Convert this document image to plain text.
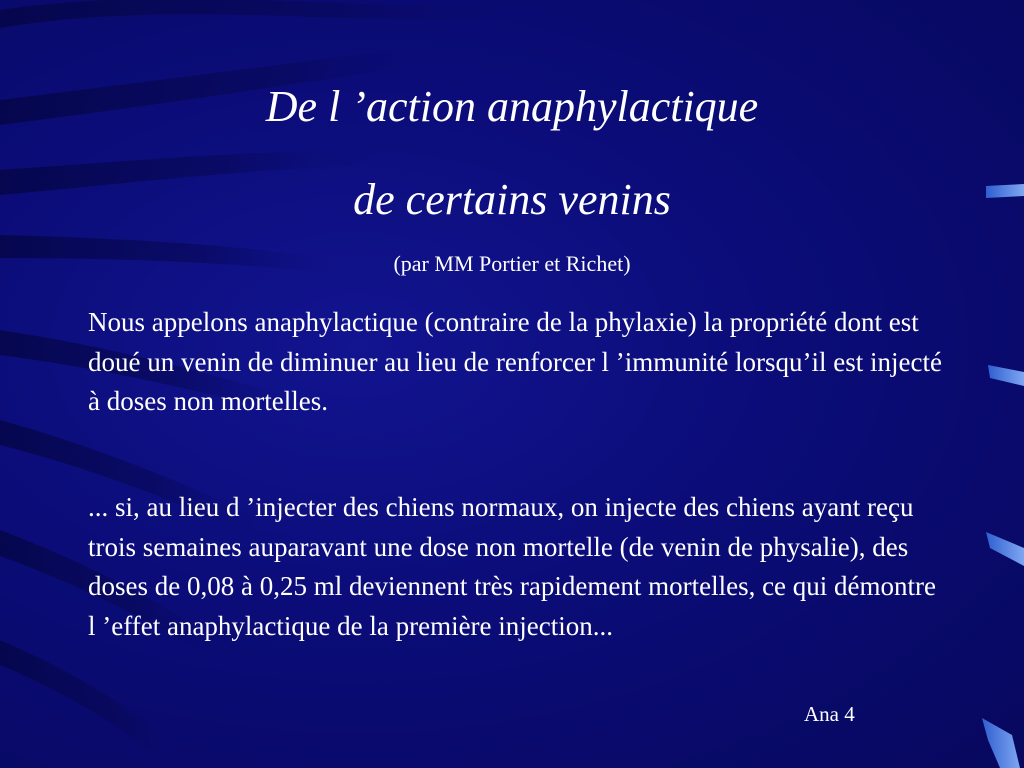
De l ’action anaphylactique
de certains venins

(par MM Portier et Richet)

Nous appelons anaphylactique (contraire de la phylaxie) la propriété dont est doué un venin de diminuer au lieu de renforcer l ’immunité lorsqu’il est injecté à doses non mortelles.

... si, au lieu d ’injecter des chiens normaux, on injecte des chiens ayant reçu trois semaines auparavant une dose non mortelle (de venin de physalie), des doses de 0,08 à 0,25 ml deviennent très rapidement mortelles, ce qui démontre l ’effet anaphylactique de la première injection...

Ana 4
